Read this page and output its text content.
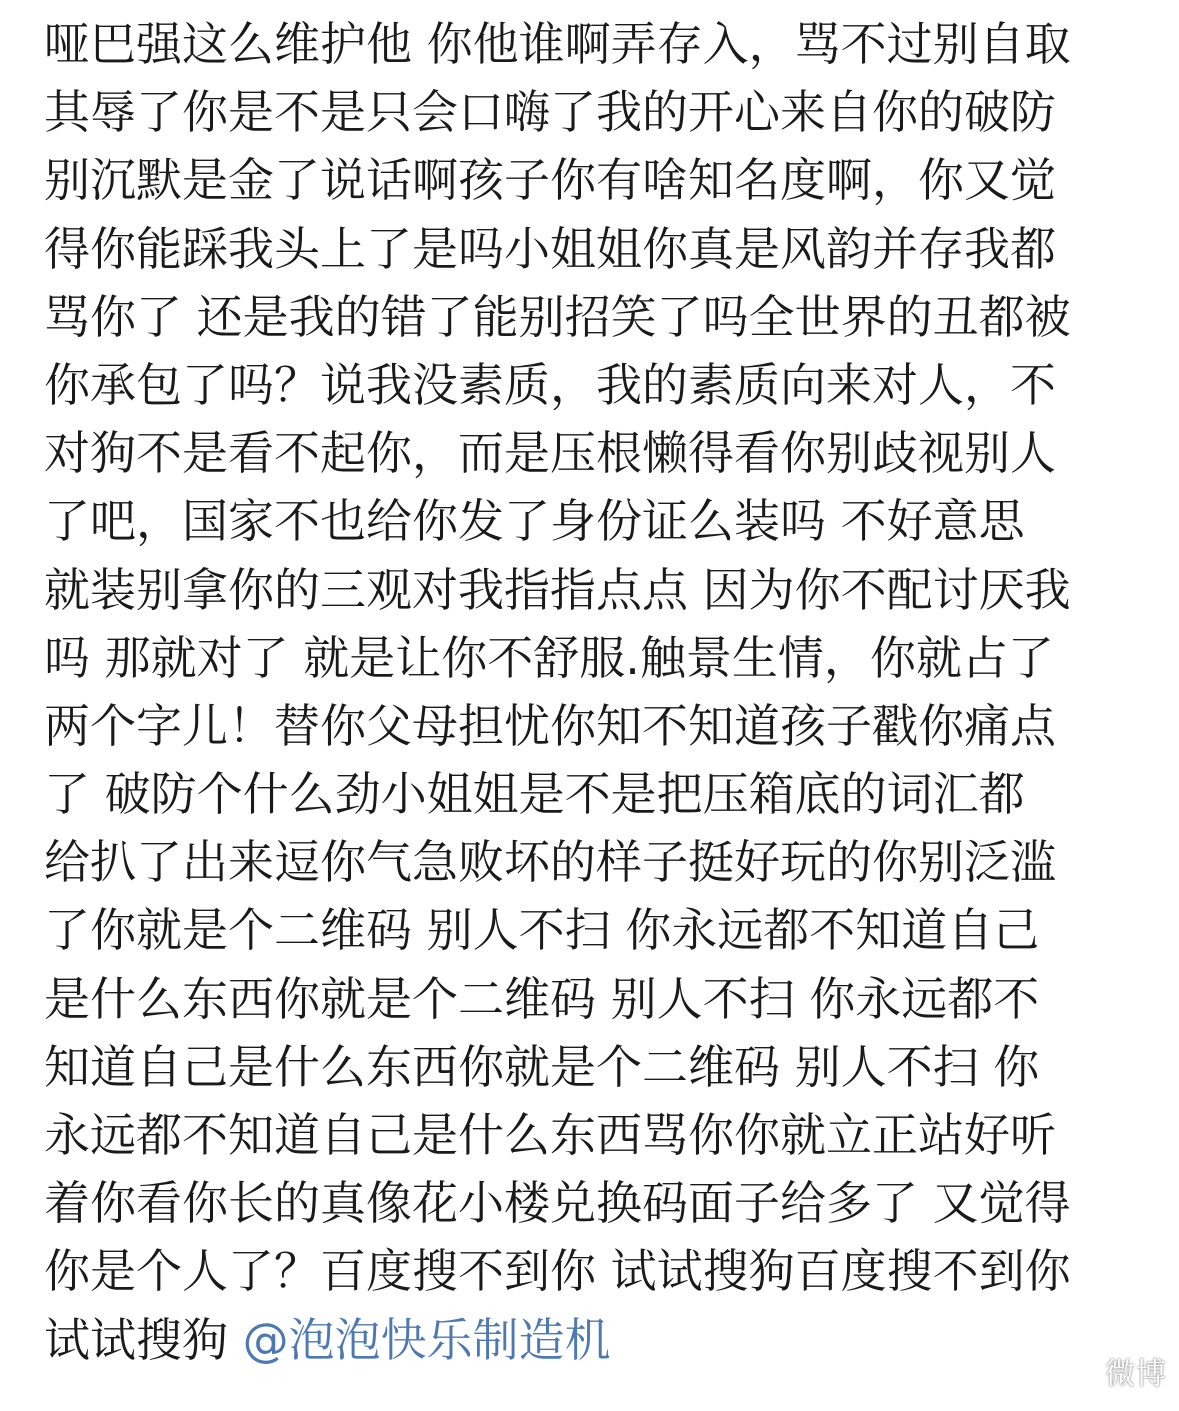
哑巴强这么维护他 你他谁啊弄存入，骂不过别自取
其辱了你是不是只会口嗨了我的开心来自你的破防
别沉默是金了说话啊孩子你有啥知名度啊，你又觉
得你能踩我头上了是吗小姐姐你真是风韵并存我都
骂你了 还是我的错了能别招笑了吗全世界的丑都被
你承包了吗？说我没素质，我的素质向来对人，不
对狗不是看不起你，而是压根懒得看你别歧视别人
了吧，国家不也给你发了身份证么装吗 不好意思
就装别拿你的三观对我指指点点 因为你不配讨厌我
吗 那就对了 就是让你不舒服.触景生情，你就占了
两个字儿！替你父母担忧你知不知道孩子戳你痛点
了 破防个什么劲小姐姐是不是把压箱底的词汇都
给扒了出来逗你气急败坏的样子挺好玩的你别泛滥
了你就是个二维码 别人不扫 你永远都不知道自己
是什么东西你就是个二维码 别人不扫 你永远都不
知道自己是什么东西你就是个二维码 别人不扫 你
永远都不知道自己是什么东西骂你你就立正站好听
着你看你长的真像花小楼兑换码面子给多了 又觉得
你是个人了？百度搜不到你 试试搜狗百度搜不到你
试试搜狗 @泡泡快乐制造机
微博
